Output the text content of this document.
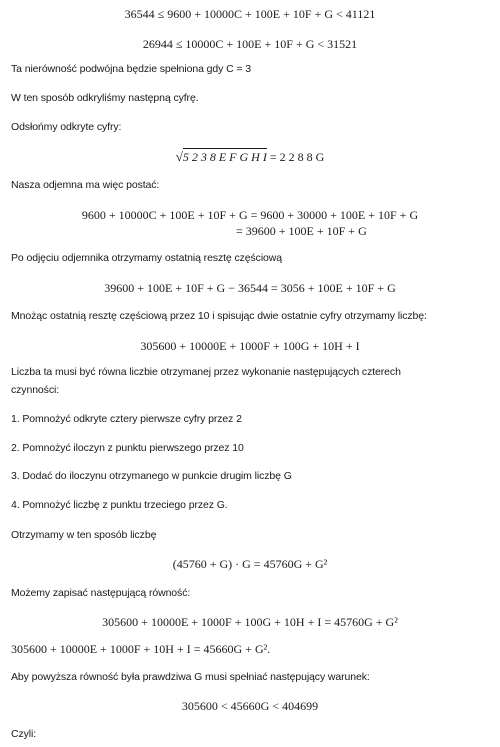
36544 ≤ 9600 + 10000C + 100E + 10F + G < 41121
26944 ≤ 10000C + 100E + 10F + G < 31521
Ta nierówność podwójna będzie spełniona gdy C = 3
W ten sposób odkryliśmy następną cyfrę.
Odsłońmy odkryte cyfry:
√5 2 3 8 E F G H I = 2 2 8 8 G
Nasza odjemna ma więc postać:
9600 + 10000C + 100E + 10F + G = 9600 + 30000 + 100E + 10F + G
= 39600 + 100E + 10F + G
Po odjęciu odjemnika otrzymamy ostatnią resztę częściową
39600 + 100E + 10F + G − 36544 = 3056 + 100E + 10F + G
Mnożąc ostatnią resztę częściową przez 10 i spisując dwie ostatnie cyfry otrzymamy liczbę:
305600 + 10000E + 1000F + 100G + 10H + I
Liczba ta musi być równa liczbie otrzymanej przez wykonanie następujących czterech
czynności:
1. Pomnożyć odkryte cztery pierwsze cyfry przez 2
2. Pomnożyć iloczyn z punktu pierwszego przez 10
3. Dodać do iloczynu otrzymanego w punkcie drugim liczbę G
4. Pomnożyć liczbę z punktu trzeciego przez G.
Otrzymamy w ten sposób liczbę
(45760 + G) · G = 45760G + G²
Możemy zapisać następującą równość:
305600 + 10000E + 1000F + 100G + 10H + I = 45760G + G²
305600 + 10000E + 1000F + 10H + I = 45660G + G².
Aby powyższa równość była prawdziwa G musi spełniać następujący warunek:
305600 < 45660G < 404699
Czyli:
